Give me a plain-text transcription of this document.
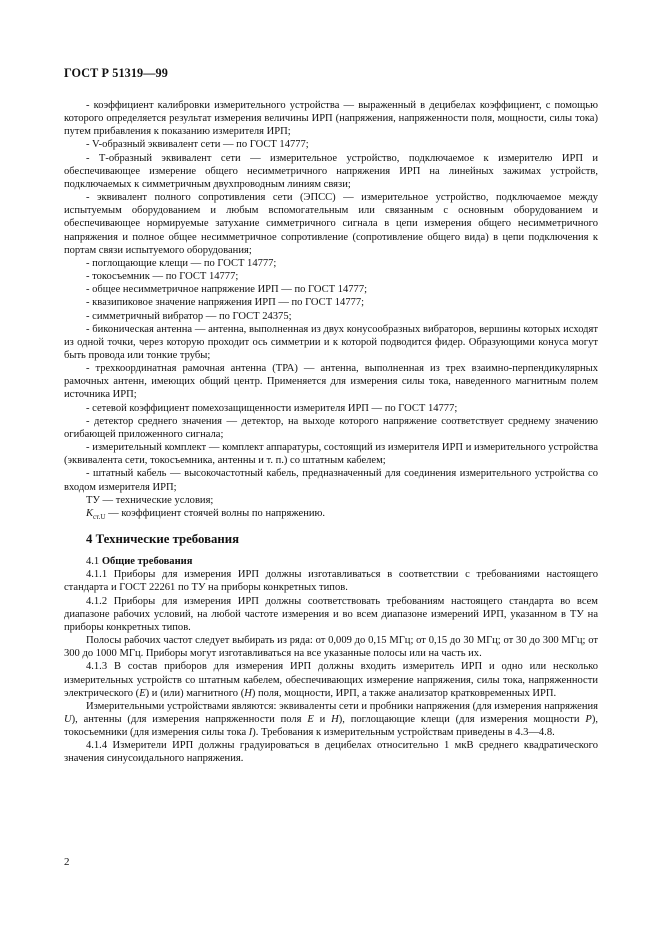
ГОСТ Р 51319—99

- коэффициент калибровки измерительного устройства — выраженный в децибелах коэффициент, с помощью которого определяется результат измерения величины ИРП (напряжения, напряженности поля, мощности, силы тока) путем прибавления к показанию измерителя ИРП;

- V-образный эквивалент сети — по ГОСТ 14777;

- Т-образный эквивалент сети — измерительное устройство, подключаемое к измерителю ИРП и обеспечивающее измерение общего несимметричного напряжения ИРП на линейных зажимах устройств, подключаемых к симметричным двухпроводным линиям связи;

- эквивалент полного сопротивления сети (ЭПСС) — измерительное устройство, подключаемое между испытуемым оборудованием и любым вспомогательным или связанным с основным оборудованием и обеспечивающее нормируемые затухание симметричного сигнала в цепи измерения общего несимметричного напряжения и полное общее несимметричное сопротивление (сопротивление общего вида) в цепи подключения к портам связи испытуемого оборудования;

- поглощающие клещи — по ГОСТ 14777;

- токосъемник — по ГОСТ 14777;

- общее несимметричное напряжение ИРП — по ГОСТ 14777;

- квазипиковое значение напряжения ИРП — по ГОСТ 14777;

- симметричный вибратор — по ГОСТ 24375;

- биконическая антенна — антенна, выполненная из двух конусообразных вибраторов, вершины которых исходят из одной точки, через которую проходит ось симметрии и к которой подводится фидер. Образующими конуса могут быть провода или тонкие трубы;

- трехкоординатная рамочная антенна (ТРА) — антенна, выполненная из трех взаимно-перпендикулярных рамочных антенн, имеющих общий центр. Применяется для измерения силы тока, наведенного магнитным полем источника ИРП;

- сетевой коэффициент помехозащищенности измерителя ИРП — по ГОСТ 14777;

- детектор среднего значения — детектор, на выходе которого напряжение соответствует среднему значению огибающей приложенного сигнала;

- измерительный комплект — комплект аппаратуры, состоящий из измерителя ИРП и измерительного устройства (эквивалента сети, токосъемника, антенны и т. п.) со штатным кабелем;

- штатный кабель — высокочастотный кабель, предназначенный для соединения измерительного устройства со входом измерителя ИРП;

ТУ — технические условия;

$K_{ст.U}$ — коэффициент стоячей волны по напряжению.

4 Технические требования

4.1 Общие требования

4.1.1 Приборы для измерения ИРП должны изготавливаться в соответствии с требованиями настоящего стандарта и ГОСТ 22261 по ТУ на приборы конкретных типов.

4.1.2 Приборы для измерения ИРП должны соответствовать требованиям настоящего стандарта во всем диапазоне рабочих условий, на любой частоте измерения и во всем диапазоне измерений ИРП, указанном в ТУ на приборы конкретных типов.

Полосы рабочих частот следует выбирать из ряда: от 0,009 до 0,15 МГц; от 0,15 до 30 МГц; от 30 до 300 МГц; от 300 до 1000 МГц. Приборы могут изготавливаться на все указанные полосы или на часть их.

4.1.3 В состав приборов для измерения ИРП должны входить измеритель ИРП и одно или несколько измерительных устройств со штатным кабелем, обеспечивающих измерение напряжения, силы тока, напряженности электрического (E) и (или) магнитного (H) поля, мощности, ИРП, а также анализатор кратковременных ИРП.

Измерительными устройствами являются: эквиваленты сети и пробники напряжения (для измерения напряжения U), антенны (для измерения напряженности поля E и H), поглощающие клещи (для измерения мощности P), токосъемники (для измерения силы тока I). Требования к измерительным устройствам приведены в 4.3—4.8.

4.1.4 Измерители ИРП должны градуироваться в децибелах относительно 1 мкВ среднего квадратического значения синусоидального напряжения.

2
